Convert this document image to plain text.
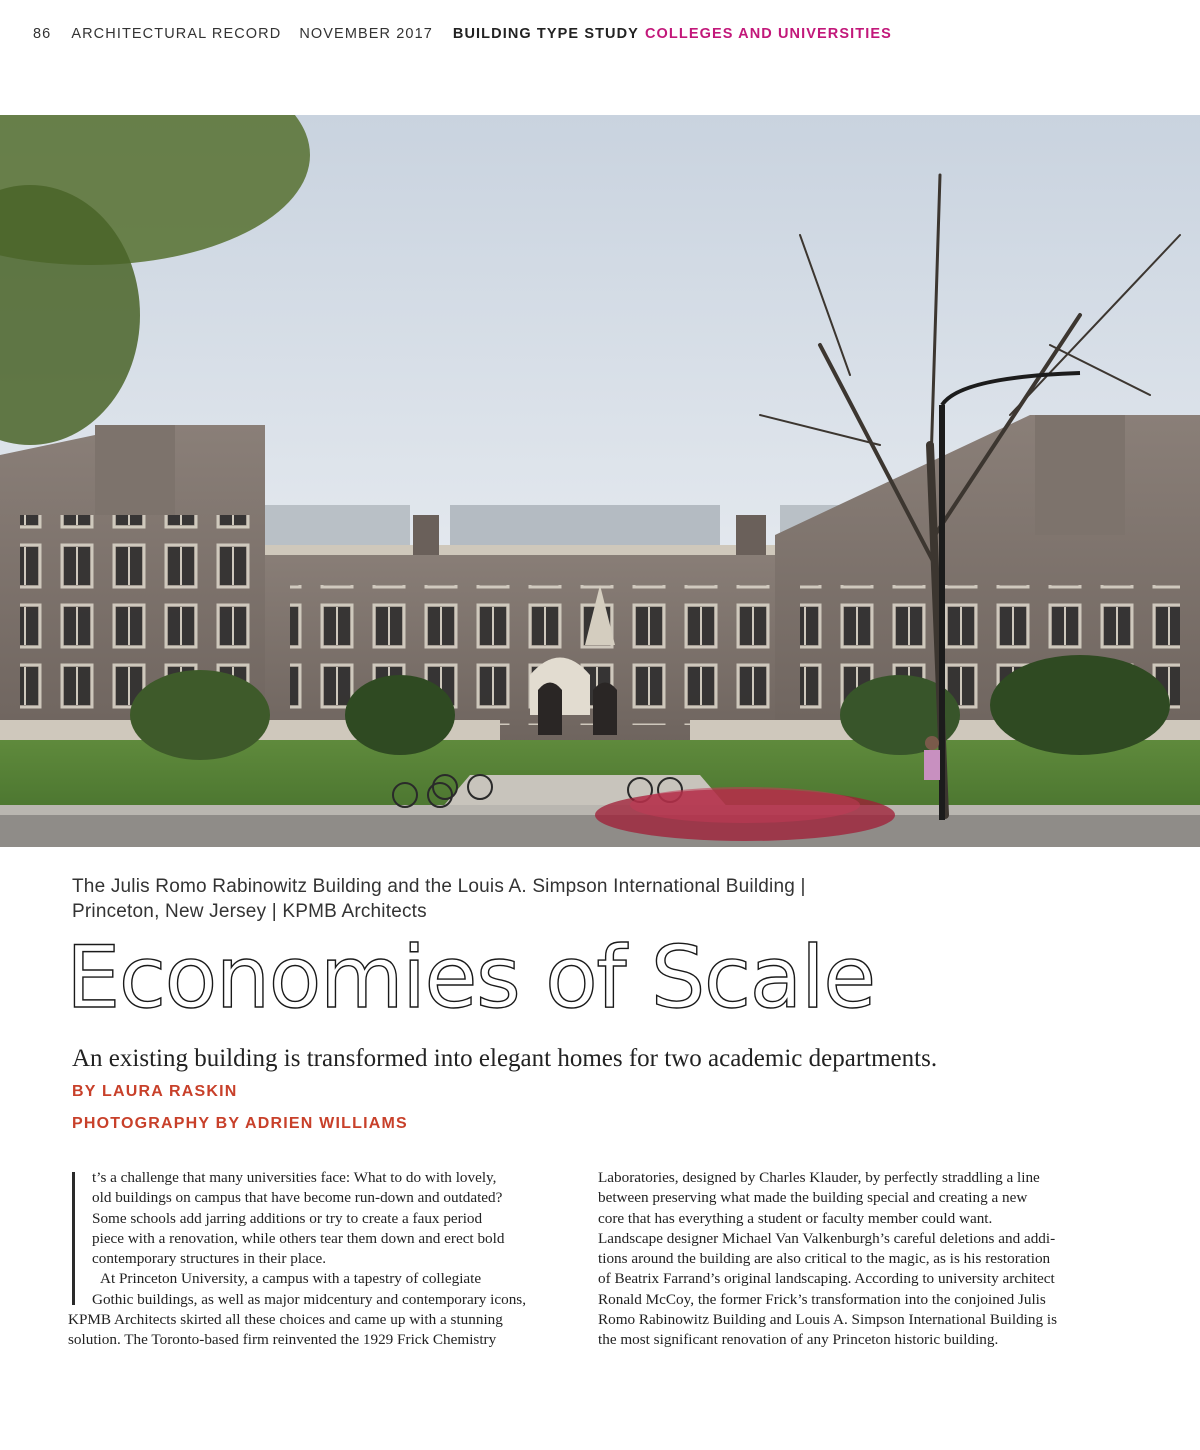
86 ARCHITECTURAL RECORD NOVEMBER 2017 BUILDING TYPE STUDY COLLEGES AND UNIVERSITIES
The Julis Romo Rabinowitz Building and the Louis A. Simpson International Building |
Princeton, New Jersey | KPMB Architects
Economies of Scale
An existing building is transformed into elegant homes for two academic departments.
BY LAURA RASKIN
PHOTOGRAPHY BY ADRIEN WILLIAMS
t’s a challenge that many universities face: What to do with lovely,
old buildings on campus that have become run-down and outdated?
Some schools add jarring additions or try to create a faux period
piece with a renovation, while others tear them down and erect bold
contemporary structures in their place.
At Princeton University, a campus with a tapestry of collegiate
Gothic buildings, as well as major midcentury and contemporary icons,
KPMB Architects skirted all these choices and came up with a stunning
solution. The Toronto-based firm reinvented the 1929 Frick Chemistry
Laboratories, designed by Charles Klauder, by perfectly straddling a line
between preserving what made the building special and creating a new
core that has everything a student or faculty member could want.
Landscape designer Michael Van Valkenburgh’s careful deletions and addi-
tions around the building are also critical to the magic, as is his restoration
of Beatrix Farrand’s original landscaping. According to university architect
Ronald McCoy, the former Frick’s transformation into the conjoined Julis
Romo Rabinowitz Building and Louis A. Simpson International Building is
the most significant renovation of any Princeton historic building.
